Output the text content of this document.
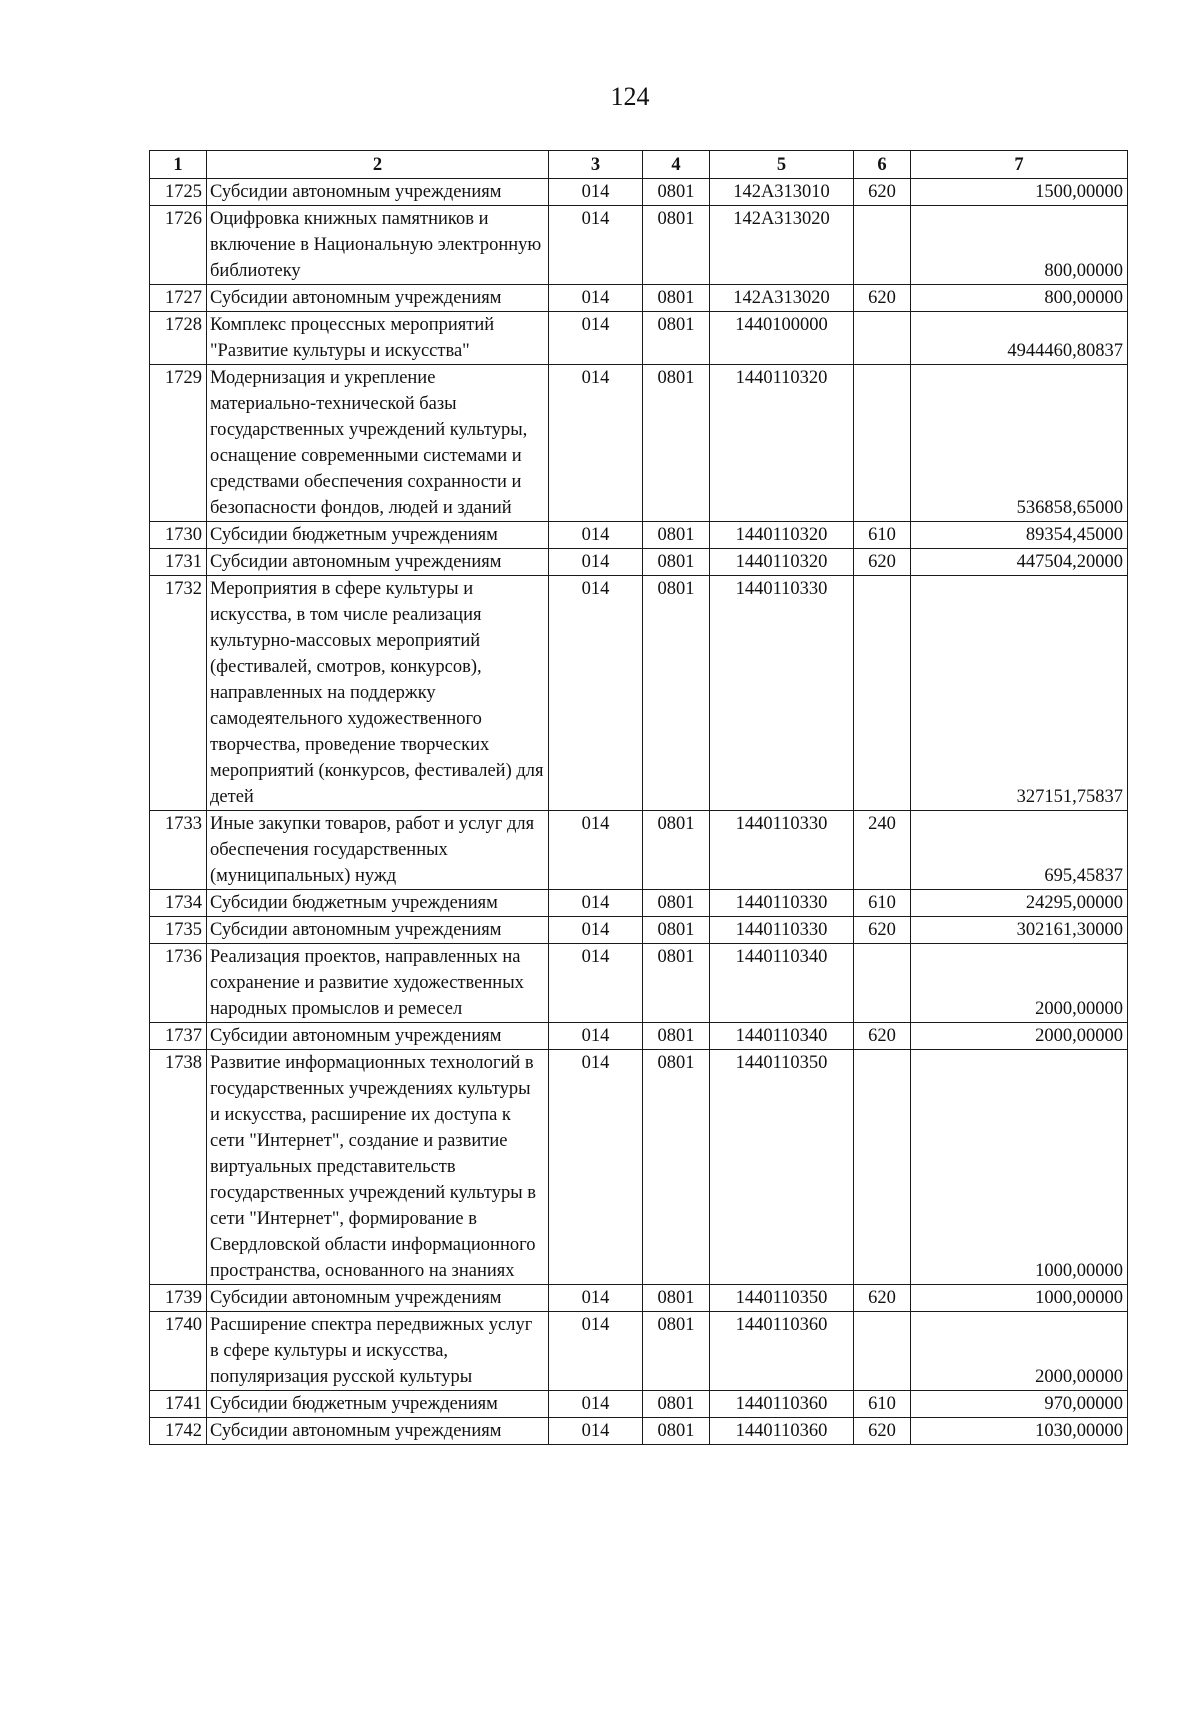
124
1	2	3	4	5	6	7
1725	Субсидии автономным учреждениям	014	0801	142A313010	620	1500,00000
1726	Оцифровка книжных памятников и включение в Национальную электронную библиотеку	014	0801	142A313020		800,00000
1727	Субсидии автономным учреждениям	014	0801	142A313020	620	800,00000
1728	Комплекс процессных мероприятий "Развитие культуры и искусства"	014	0801	1440100000		4944460,80837
1729	Модернизация и укрепление материально-технической базы государственных учреждений культуры, оснащение современными системами и средствами обеспечения сохранности и безопасности фондов, людей и зданий	014	0801	1440110320		536858,65000
1730	Субсидии бюджетным учреждениям	014	0801	1440110320	610	89354,45000
1731	Субсидии автономным учреждениям	014	0801	1440110320	620	447504,20000
1732	Мероприятия в сфере культуры и искусства, в том числе реализация культурно-массовых мероприятий (фестивалей, смотров, конкурсов), направленных на поддержку самодеятельного художественного творчества, проведение творческих мероприятий (конкурсов, фестивалей) для детей	014	0801	1440110330		327151,75837
1733	Иные закупки товаров, работ и услуг для обеспечения государственных (муниципальных) нужд	014	0801	1440110330	240	695,45837
1734	Субсидии бюджетным учреждениям	014	0801	1440110330	610	24295,00000
1735	Субсидии автономным учреждениям	014	0801	1440110330	620	302161,30000
1736	Реализация проектов, направленных на сохранение и развитие художественных народных промыслов и ремесел	014	0801	1440110340		2000,00000
1737	Субсидии автономным учреждениям	014	0801	1440110340	620	2000,00000
1738	Развитие информационных технологий в государственных учреждениях культуры и искусства, расширение их доступа к сети "Интернет", создание и развитие виртуальных представительств государственных учреждений культуры в сети "Интернет", формирование в Свердловской области информационного пространства, основанного на знаниях	014	0801	1440110350		1000,00000
1739	Субсидии автономным учреждениям	014	0801	1440110350	620	1000,00000
1740	Расширение спектра передвижных услуг в сфере культуры и искусства, популяризация русской культуры	014	0801	1440110360		2000,00000
1741	Субсидии бюджетным учреждениям	014	0801	1440110360	610	970,00000
1742	Субсидии автономным учреждениям	014	0801	1440110360	620	1030,00000
